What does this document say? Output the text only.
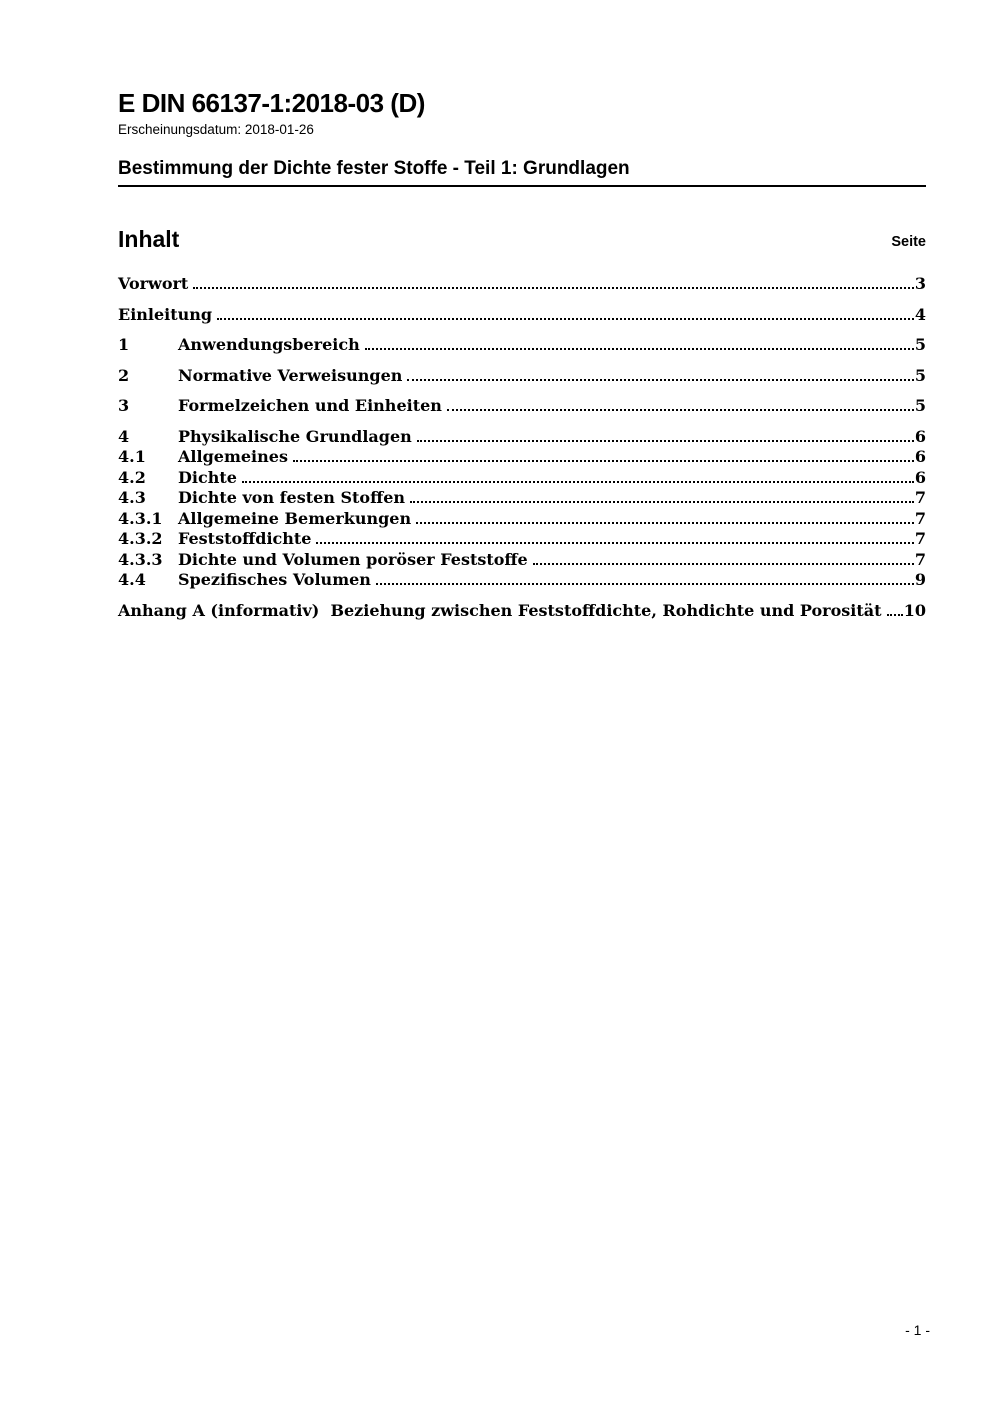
E DIN 66137-1:2018-03 (D)
Erscheinungsdatum: 2018-01-26
Bestimmung der Dichte fester Stoffe - Teil 1: Grundlagen
Inhalt	Seite
Vorwort	3
Einleitung	4
1	Anwendungsbereich	5
2	Normative Verweisungen	5
3	Formelzeichen und Einheiten	5
4	Physikalische Grundlagen	6
4.1	Allgemeines	6
4.2	Dichte	6
4.3	Dichte von festen Stoffen	7
4.3.1 Allgemeine Bemerkungen	7
4.3.2 Feststoffdichte	7
4.3.3 Dichte und Volumen poröser Feststoffe	7
4.4	Spezifisches Volumen	9
Anhang A (informativ)  Beziehung zwischen Feststoffdichte, Rohdichte und Porosität 10
- 1 -
